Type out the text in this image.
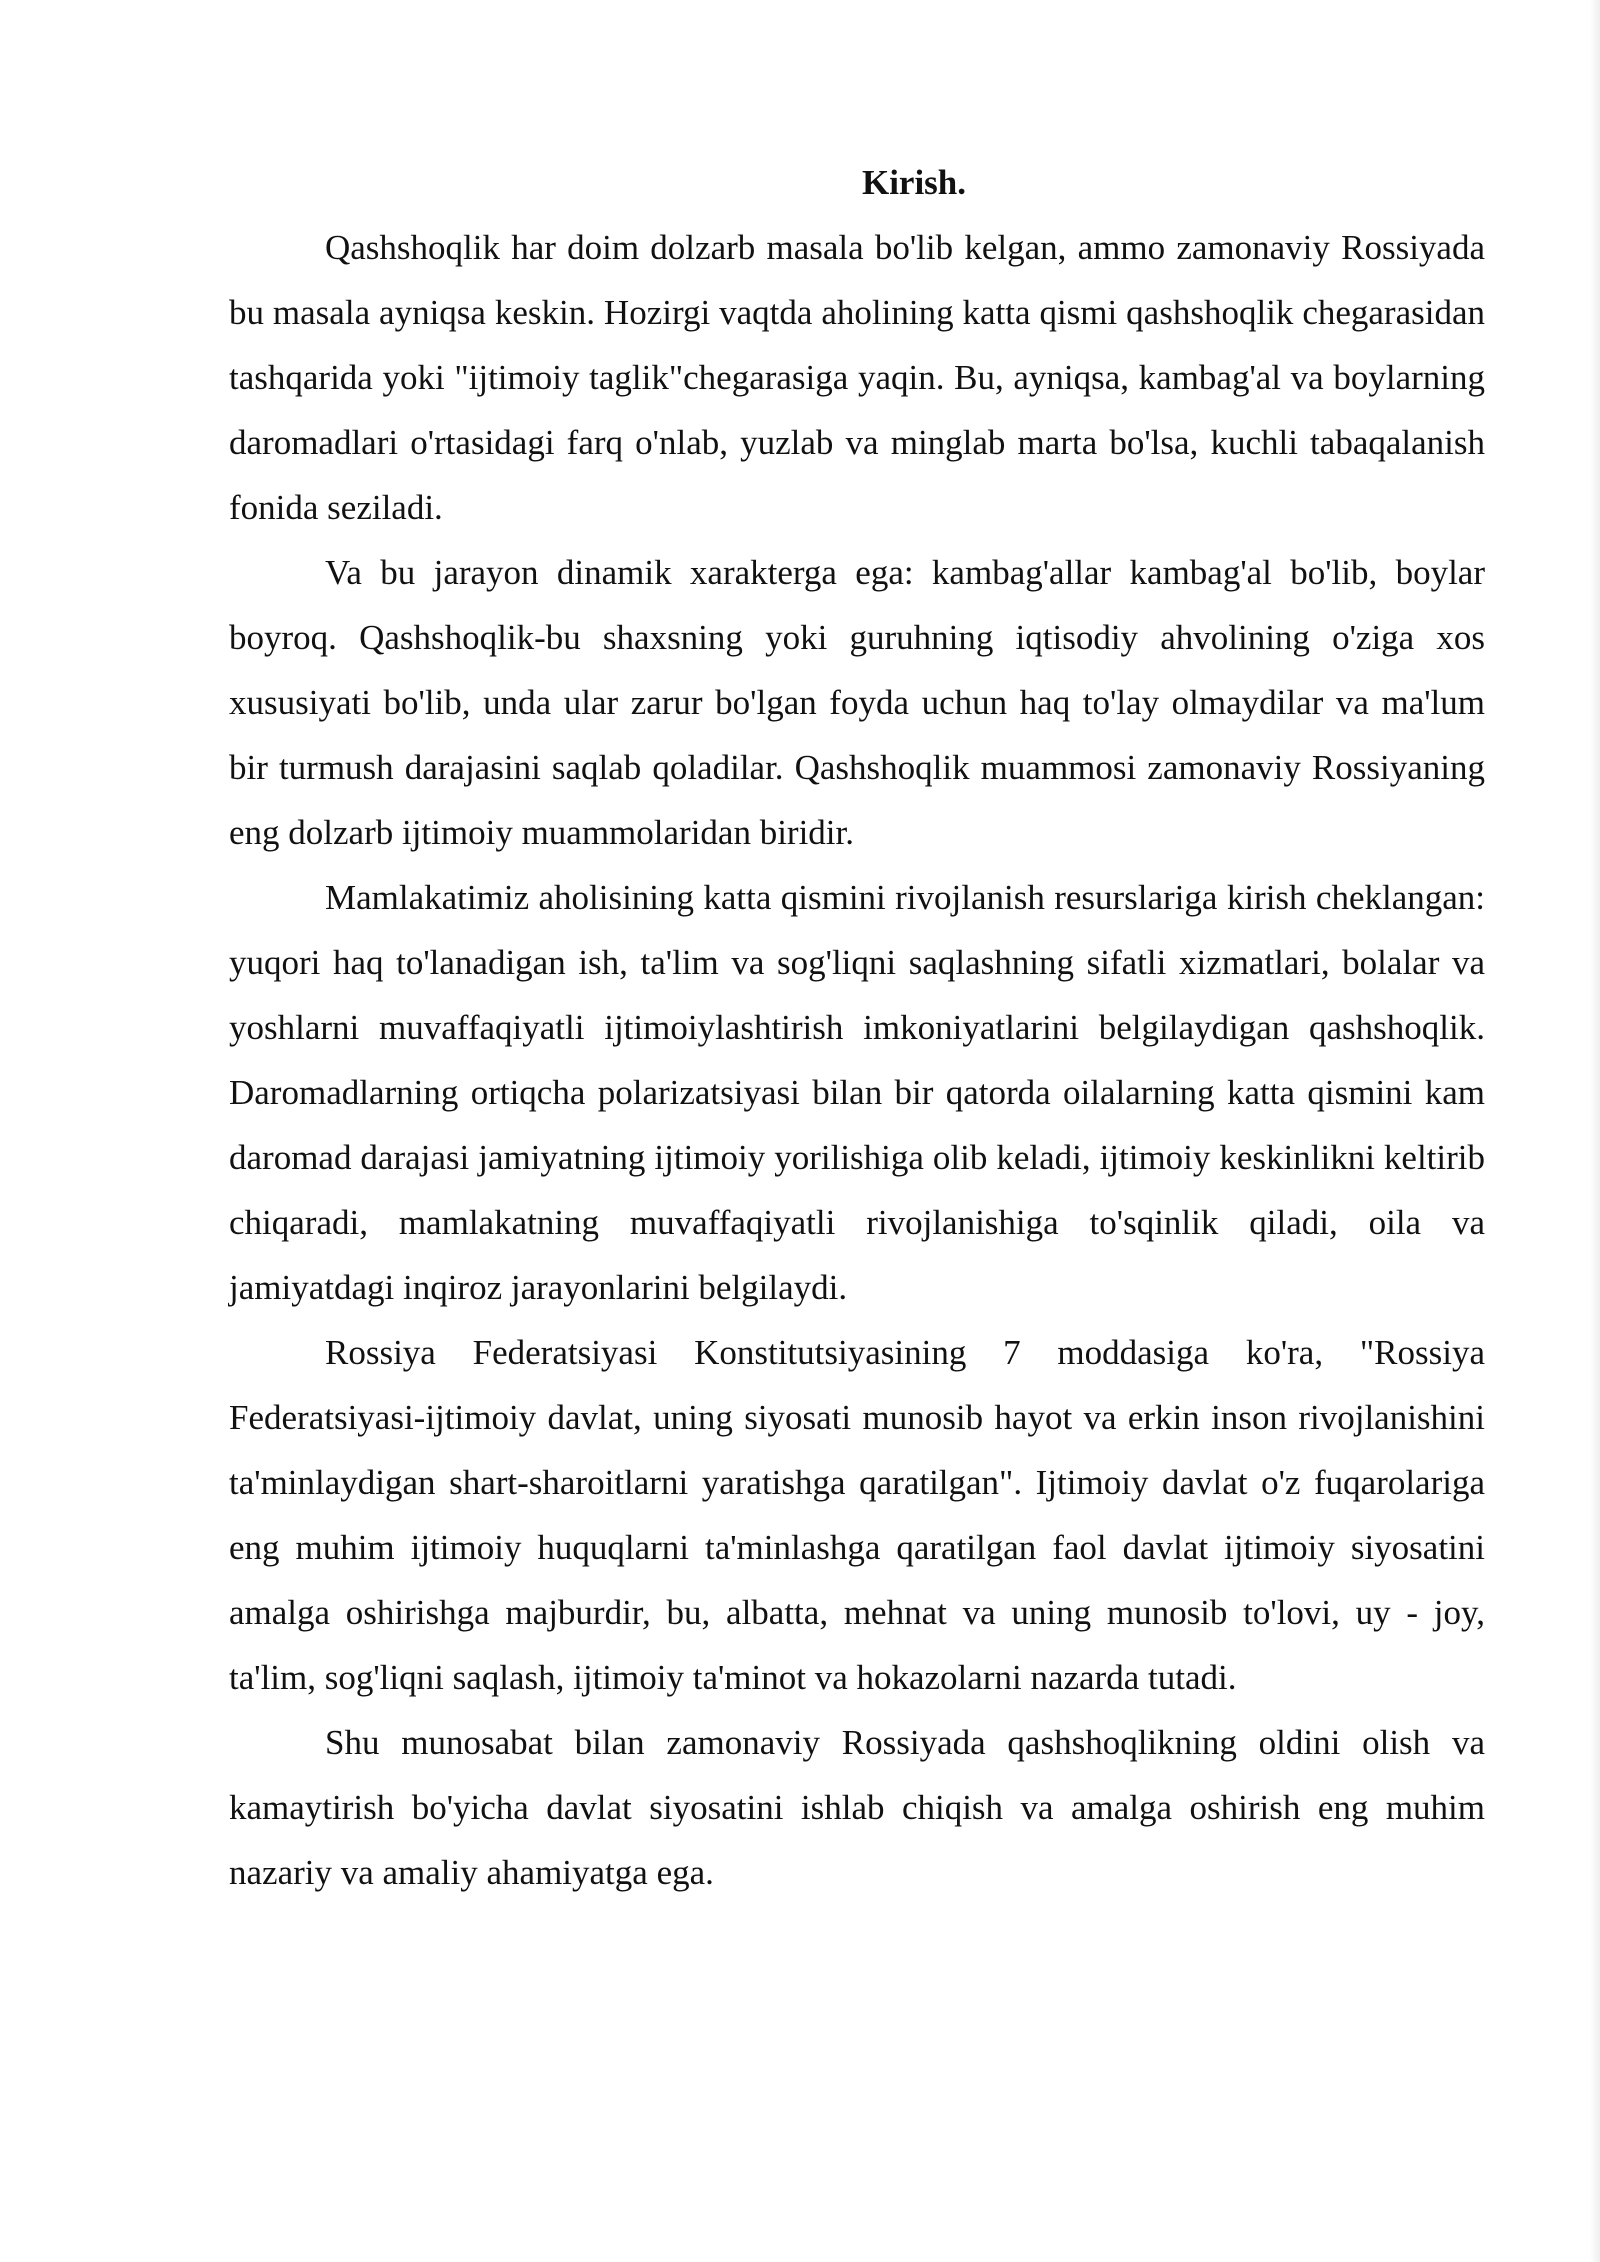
Kirish.

Qashshoqlik har doim dolzarb masala bo'lib kelgan, ammo zamonaviy Rossiyada bu masala ayniqsa keskin. Hozirgi vaqtda aholining katta qismi qashshoqlik chegarasidan tashqarida yoki "ijtimoiy taglik"chegarasiga yaqin. Bu, ayniqsa, kambag'al va boylarning daromadlari o'rtasidagi farq o'nlab, yuzlab va minglab marta bo'lsa, kuchli tabaqalanish fonida seziladi.

Va bu jarayon dinamik xarakterga ega: kambag'allar kambag'al bo'lib, boylar boyroq. Qashshoqlik-bu shaxsning yoki guruhning iqtisodiy ahvolining o'ziga xos xususiyati bo'lib, unda ular zarur bo'lgan foyda uchun haq to'lay olmaydilar va ma'lum bir turmush darajasini saqlab qoladilar. Qashshoqlik muammosi zamonaviy Rossiyaning eng dolzarb ijtimoiy muammolaridan biridir.

Mamlakatimiz aholisining katta qismini rivojlanish resurslariga kirish cheklangan: yuqori haq to'lanadigan ish, ta'lim va sog'liqni saqlashning sifatli xizmatlari, bolalar va yoshlarni muvaffaqiyatli ijtimoiylashtirish imkoniyatlarini belgilaydigan qashshoqlik. Daromadlarning ortiqcha polarizatsiyasi bilan bir qatorda oilalarning katta qismini kam daromad darajasi jamiyatning ijtimoiy yorilishiga olib keladi, ijtimoiy keskinlikni keltirib chiqaradi, mamlakatning muvaffaqiyatli rivojlanishiga to'sqinlik qiladi, oila va jamiyatdagi inqiroz jarayonlarini belgilaydi.

Rossiya Federatsiyasi Konstitutsiyasining 7 moddasiga ko'ra, "Rossiya Federatsiyasi-ijtimoiy davlat, uning siyosati munosib hayot va erkin inson rivojlanishini ta'minlaydigan shart-sharoitlarni yaratishga qaratilgan". Ijtimoiy davlat o'z fuqarolariga eng muhim ijtimoiy huquqlarni ta'minlashga qaratilgan faol davlat ijtimoiy siyosatini amalga oshirishga majburdir, bu, albatta, mehnat va uning munosib to'lovi, uy - joy, ta'lim, sog'liqni saqlash, ijtimoiy ta'minot va hokazolarni nazarda tutadi.

Shu munosabat bilan zamonaviy Rossiyada qashshoqlikning oldini olish va kamaytirish bo'yicha davlat siyosatini ishlab chiqish va amalga oshirish eng muhim nazariy va amaliy ahamiyatga ega.
